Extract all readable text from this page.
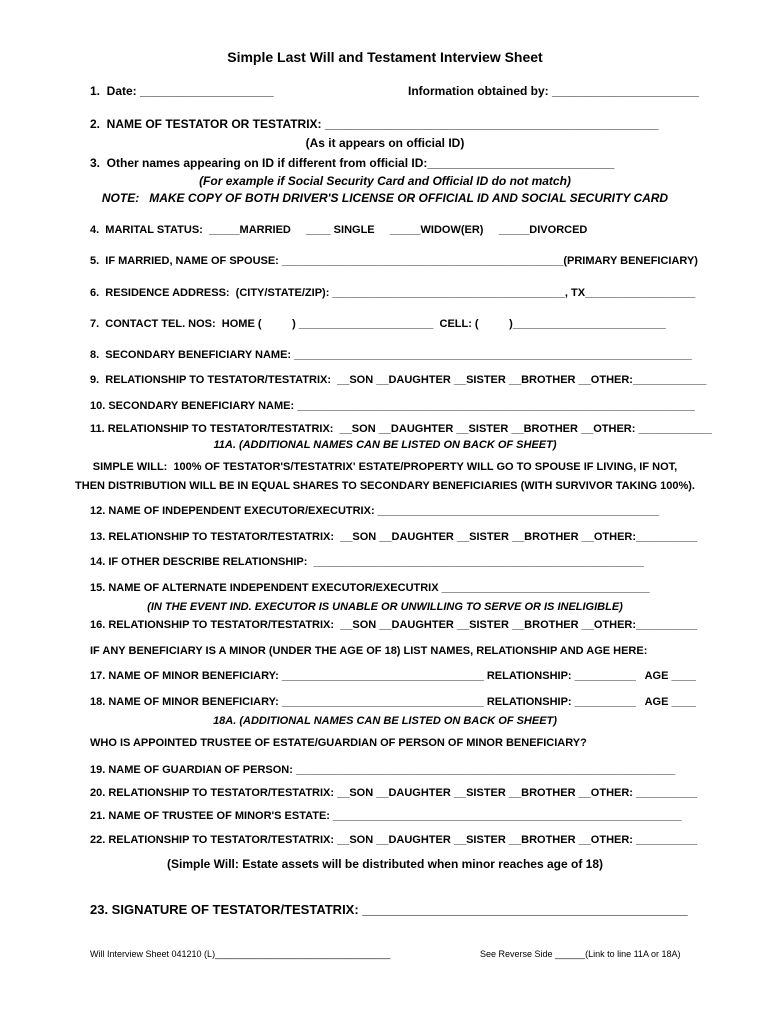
Simple Last Will and Testament Interview Sheet
1.  Date: ____________________	Information obtained by: ______________________
2.  NAME OF TESTATOR OR TESTATRIX: __________________________________________________
(As it appears on official ID)
3.  Other names appearing on ID if different from official ID:____________________________
(For example if Social Security Card and Official ID do not match)
NOTE:   MAKE COPY OF BOTH DRIVER'S LICENSE OR OFFICIAL ID AND SOCIAL SECURITY CARD
4.  MARITAL STATUS:  _____MARRIED     ____ SINGLE     _____WIDOW(ER)     _____DIVORCED
5.  IF MARRIED, NAME OF SPOUSE: ______________________________________________(PRIMARY BENEFICIARY)
6.  RESIDENCE ADDRESS:  (CITY/STATE/ZIP): ______________________________________, TX__________________
7.  CONTACT TEL. NOS:  HOME (          ) ______________________  CELL: (          )_________________________
8.  SECONDARY BENEFICIARY NAME: _________________________________________________________________
9.  RELATIONSHIP TO TESTATOR/TESTATRIX:  __SON __DAUGHTER __SISTER __BROTHER __OTHER:____________
10. SECONDARY BENEFICIARY NAME: _________________________________________________________________
11. RELATIONSHIP TO TESTATOR/TESTATRIX:  __SON __DAUGHTER __SISTER __BROTHER __OTHER: ____________
11A. (ADDITIONAL NAMES CAN BE LISTED ON BACK OF SHEET)
SIMPLE WILL:  100% OF TESTATOR'S/TESTATRIX' ESTATE/PROPERTY WILL GO TO SPOUSE IF LIVING, IF NOT,
THEN DISTRIBUTION WILL BE IN EQUAL SHARES TO SECONDARY BENEFICIARIES (WITH SURVIVOR TAKING 100%).
12. NAME OF INDEPENDENT EXECUTOR/EXECUTRIX: ______________________________________________
13. RELATIONSHIP TO TESTATOR/TESTATRIX:  __SON __DAUGHTER __SISTER __BROTHER __OTHER:__________
14. IF OTHER DESCRIBE RELATIONSHIP:  ______________________________________________________
15. NAME OF ALTERNATE INDEPENDENT EXECUTOR/EXECUTRIX __________________________________
(IN THE EVENT IND. EXECUTOR IS UNABLE OR UNWILLING TO SERVE OR IS INELIGIBLE)
16. RELATIONSHIP TO TESTATOR/TESTATRIX:  __SON __DAUGHTER __SISTER __BROTHER __OTHER:__________
IF ANY BENEFICIARY IS A MINOR (UNDER THE AGE OF 18) LIST NAMES, RELATIONSHIP AND AGE HERE:
17. NAME OF MINOR BENEFICIARY: _________________________________ RELATIONSHIP: __________   AGE ____
18. NAME OF MINOR BENEFICIARY: _________________________________ RELATIONSHIP: __________   AGE ____
18A. (ADDITIONAL NAMES CAN BE LISTED ON BACK OF SHEET)
WHO IS APPOINTED TRUSTEE OF ESTATE/GUARDIAN OF PERSON OF MINOR BENEFICIARY?
19. NAME OF GUARDIAN OF PERSON: ______________________________________________________________
20. RELATIONSHIP TO TESTATOR/TESTATRIX: __SON __DAUGHTER __SISTER __BROTHER __OTHER: __________
21. NAME OF TRUSTEE OF MINOR'S ESTATE: _________________________________________________________
22. RELATIONSHIP TO TESTATOR/TESTATRIX: __SON __DAUGHTER __SISTER __BROTHER __OTHER: __________
(Simple Will: Estate assets will be distributed when minor reaches age of 18)
23. SIGNATURE OF TESTATOR/TESTATRIX: _____________________________________________
Will Interview Sheet 041210 (L)___________________________________	See Reverse Side ______(Link to line 11A or 18A)
